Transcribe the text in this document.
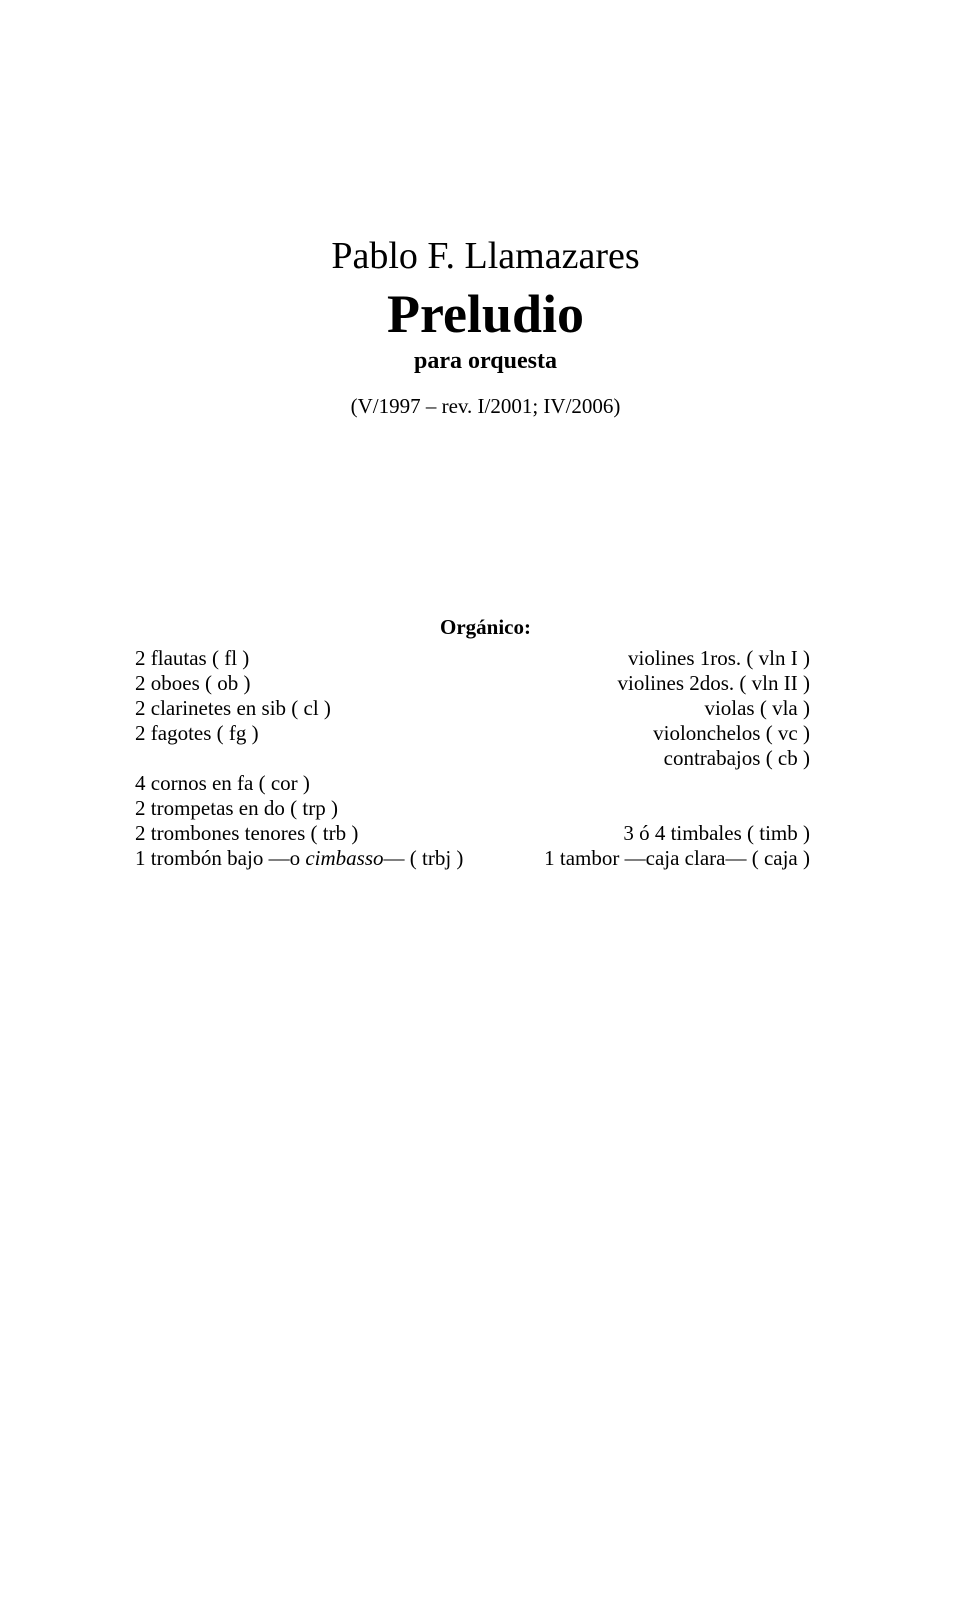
Pablo F. Llamazares
Preludio
para orquesta
(V/1997 – rev. I/2001; IV/2006)
Orgánico:
2 flautas ( fl )
2 oboes ( ob )
2 clarinetes en sib ( cl )
2 fagotes ( fg )
4 cornos en fa ( cor )
2 trompetas en do ( trp )
2 trombones tenores ( trb )
1 trombón bajo —o cimbasso— ( trbj )
violines 1ros. ( vln I )
violines 2dos. ( vln II )
violas ( vla )
violonchelos ( vc )
contrabajos ( cb )
3 ó 4 timbales ( timb )
1 tambor —caja clara— ( caja )
